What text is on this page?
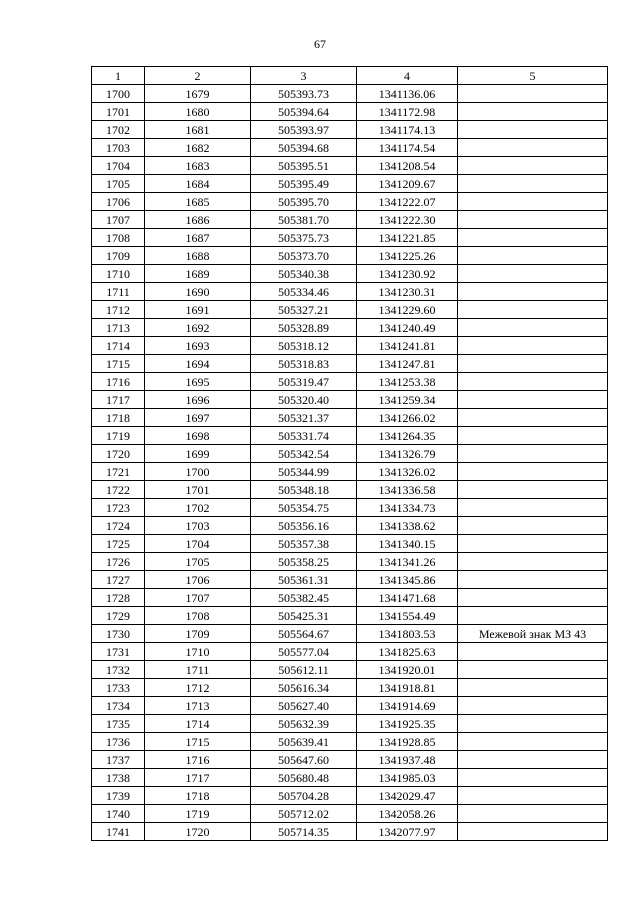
67
1	2	3	4	5
1700	1679	505393.73	1341136.06	
1701	1680	505394.64	1341172.98	
1702	1681	505393.97	1341174.13	
1703	1682	505394.68	1341174.54	
1704	1683	505395.51	1341208.54	
1705	1684	505395.49	1341209.67	
1706	1685	505395.70	1341222.07	
1707	1686	505381.70	1341222.30	
1708	1687	505375.73	1341221.85	
1709	1688	505373.70	1341225.26	
1710	1689	505340.38	1341230.92	
1711	1690	505334.46	1341230.31	
1712	1691	505327.21	1341229.60	
1713	1692	505328.89	1341240.49	
1714	1693	505318.12	1341241.81	
1715	1694	505318.83	1341247.81	
1716	1695	505319.47	1341253.38	
1717	1696	505320.40	1341259.34	
1718	1697	505321.37	1341266.02	
1719	1698	505331.74	1341264.35	
1720	1699	505342.54	1341326.79	
1721	1700	505344.99	1341326.02	
1722	1701	505348.18	1341336.58	
1723	1702	505354.75	1341334.73	
1724	1703	505356.16	1341338.62	
1725	1704	505357.38	1341340.15	
1726	1705	505358.25	1341341.26	
1727	1706	505361.31	1341345.86	
1728	1707	505382.45	1341471.68	
1729	1708	505425.31	1341554.49	
1730	1709	505564.67	1341803.53	Межевой знак МЗ 43
1731	1710	505577.04	1341825.63	
1732	1711	505612.11	1341920.01	
1733	1712	505616.34	1341918.81	
1734	1713	505627.40	1341914.69	
1735	1714	505632.39	1341925.35	
1736	1715	505639.41	1341928.85	
1737	1716	505647.60	1341937.48	
1738	1717	505680.48	1341985.03	
1739	1718	505704.28	1342029.47	
1740	1719	505712.02	1342058.26	
1741	1720	505714.35	1342077.97	
